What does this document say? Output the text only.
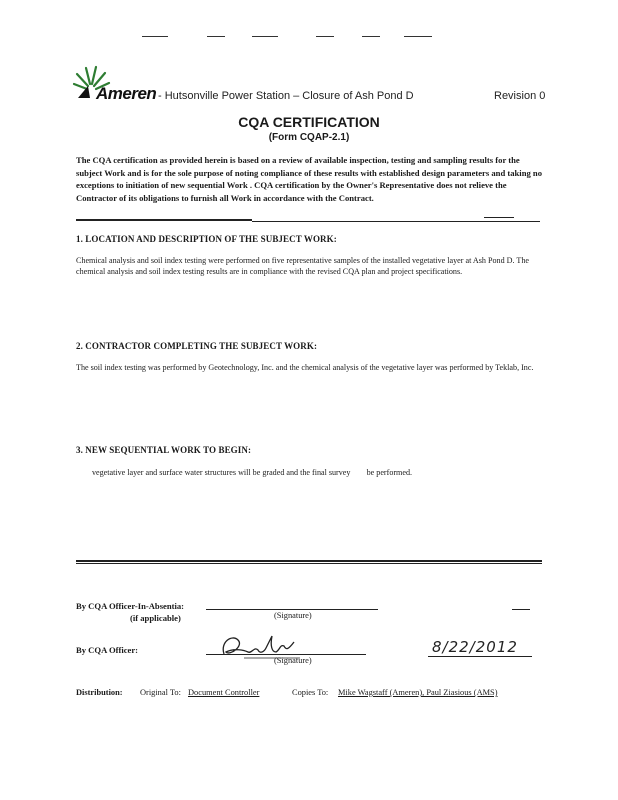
Ameren - Hutsonville Power Station – Closure of Ash Pond D	Revision 0
CQA CERTIFICATION
(Form CQAP-2.1)
The CQA certification as provided herein is based on a review of available inspection, testing and sampling results for the subject Work and is for the sole purpose of noting compliance of these results with established design parameters and taking no exceptions to initiation of new sequential Work . CQA certification by the Owner's Representative does not relieve the Contractor of its obligations to furnish all Work in accordance with the Contract.
1. LOCATION AND DESCRIPTION OF THE SUBJECT WORK:
Chemical analysis and soil index testing were performed on five representative samples of the installed vegetative layer at Ash Pond D. The chemical analysis and soil index testing results are in compliance with the revised CQA plan and project specifications.
2. CONTRACTOR COMPLETING THE SUBJECT WORK:
The soil index testing was performed by Geotechnology, Inc. and the chemical analysis of the vegetative layer was performed by Teklab, Inc.
3. NEW SEQUENTIAL WORK TO BEGIN:
vegetative layer and surface water structures will be graded and the final survey        be performed.
By CQA Officer-In-Absentia:
(if applicable)	(Signature)
By CQA Officer:
(Signature)
8/22/2012
Distribution: Original To: Document Controller	Copies To: Mike Wagstaff (Ameren), Paul Ziasious (AMS)
